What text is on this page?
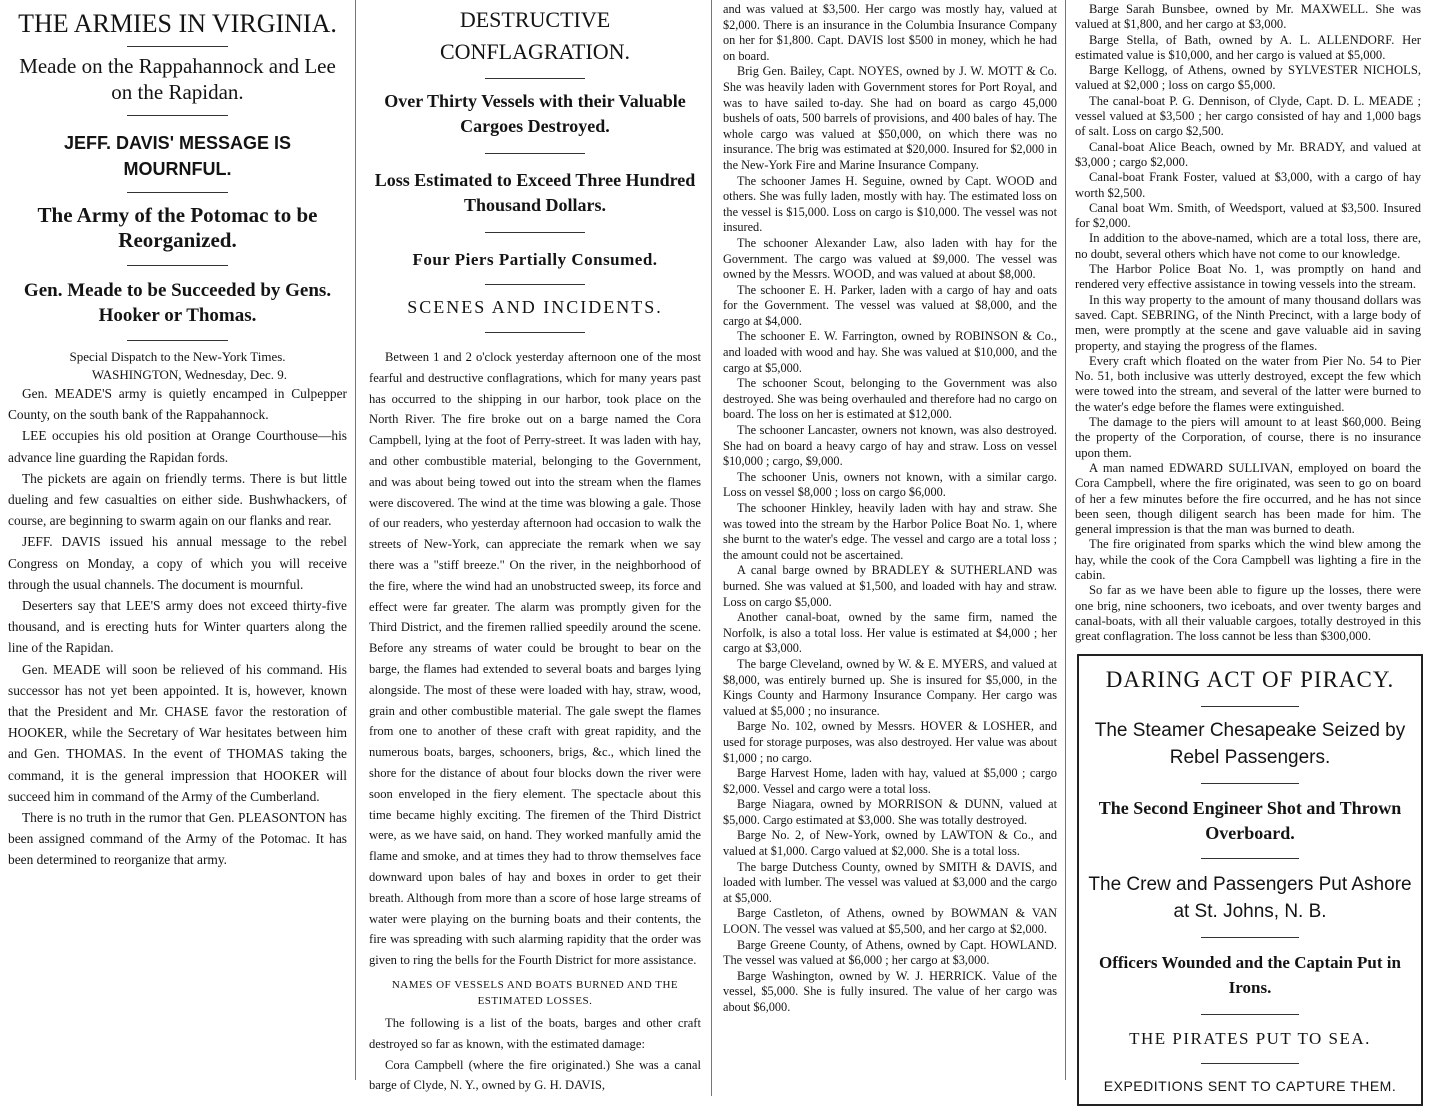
THE ARMIES IN VIRGINIA.
Meade on the Rappahannock and Lee on the Rapidan.
JEFF. DAVIS' MESSAGE IS MOURNFUL.
The Army of the Potomac to be Reorganized.
Gen. Meade to be Succeeded by Gens. Hooker or Thomas.
Special Dispatch to the New-York Times.
WASHINGTON, Wednesday, Dec. 9.

Gen. MEADE'S army is quietly encamped in Culpepper County, on the south bank of the Rappahannock.

LEE occupies his old position at Orange Courthouse—his advance line guarding the Rapidan fords.

The pickets are again on friendly terms. There is but little dueling and few casualties on either side. Bushwhackers, of course, are beginning to swarm again on our flanks and rear.

JEFF. DAVIS issued his annual message to the rebel Congress on Monday, a copy of which you will receive through the usual channels. The document is mournful.

Deserters say that LEE'S army does not exceed thirty-five thousand, and is erecting huts for Winter quarters along the line of the Rapidan.

Gen. MEADE will soon be relieved of his command. His successor has not yet been appointed. It is, however, known that the President and Mr. CHASE favor the restoration of HOOKER, while the Secretary of War hesitates between him and Gen. THOMAS. In the event of THOMAS taking the command, it is the general impression that HOOKER will succeed him in command of the Army of the Cumberland.

There is no truth in the rumor that Gen. PLEASONTON has been assigned command of the Army of the Potomac. It has been determined to reorganize that army.

DESTRUCTIVE CONFLAGRATION.
Over Thirty Vessels with their Valuable Cargoes Destroyed.
Loss Estimated to Exceed Three Hundred Thousand Dollars.
Four Piers Partially Consumed.
SCENES AND INCIDENTS.

Between 1 and 2 o'clock yesterday afternoon one of the most fearful and destructive conflagrations, which for many years past has occurred to the shipping in our harbor, took place on the North River. The fire broke out on a barge named the Cora Campbell, lying at the foot of Perry-street. It was laden with hay, and other combustible material, belonging to the Government, and was about being towed out into the stream when the flames were discovered. The wind at the time was blowing a gale. Those of our readers, who yesterday afternoon had occasion to walk the streets of New-York, can appreciate the remark when we say there was a "stiff breeze." On the river, in the neighborhood of the fire, where the wind had an unobstructed sweep, its force and effect were far greater. The alarm was promptly given for the Third District, and the firemen rallied speedily around the scene. Before any streams of water could be brought to bear on the barge, the flames had extended to several boats and barges lying alongside. The most of these were loaded with hay, straw, wood, grain and other combustible material. The gale swept the flames from one to another of these craft with great rapidity, and the numerous boats, barges, schooners, brigs, &c., which lined the shore for the distance of about four blocks down the river were soon enveloped in the fiery element. The spectacle about this time became highly exciting. The firemen of the Third District were, as we have said, on hand. They worked manfully amid the flame and smoke, and at times they had to throw themselves face downward upon bales of hay and boxes in order to get their breath. Although from more than a score of hose large streams of water were playing on the burning boats and their contents, the fire was spreading with such alarming rapidity that the order was given to ring the bells for the Fourth District for more assistance.

NAMES OF VESSELS AND BOATS BURNED AND THE ESTIMATED LOSSES.

The following is a list of the boats, barges and other craft destroyed so far as known, with the estimated damage:

Cora Campbell (where the fire originated.) She was a canal barge of Clyde, N. Y., owned by G. H. DAVIS,

and was valued at $3,500. Her cargo was mostly hay, valued at $2,000. There is an insurance in the Columbia Insurance Company on her for $1,800. Capt. DAVIS lost $500 in money, which he had on board.

Brig Gen. Bailey, Capt. NOYES, owned by J. W. MOTT & Co. She was heavily laden with Government stores for Port Royal, and was to have sailed to-day. She had on board as cargo 45,000 bushels of oats, 500 barrels of provisions, and 400 bales of hay. The whole cargo was valued at $50,000, on which there was no insurance. The brig was estimated at $20,000. Insured for $2,000 in the New-York Fire and Marine Insurance Company.

The schooner James H. Seguine, owned by Capt. WOOD and others. She was fully laden, mostly with hay. The estimated loss on the vessel is $15,000. Loss on cargo is $10,000. The vessel was not insured.

The schooner Alexander Law, also laden with hay for the Government. The cargo was valued at $9,000. The vessel was owned by the Messrs. WOOD, and was valued at about $8,000.

The schooner E. H. Parker, laden with a cargo of hay and oats for the Government. The vessel was valued at $8,000, and the cargo at $4,000.

The schooner E. W. Farrington, owned by ROBINSON & Co., and loaded with wood and hay. She was valued at $10,000, and the cargo at $5,000.

The schooner Scout, belonging to the Government was also destroyed. She was being overhauled and therefore had no cargo on board. The loss on her is estimated at $12,000.

The schooner Lancaster, owners not known, was also destroyed. She had on board a heavy cargo of hay and straw. Loss on vessel $10,000 ; cargo, $9,000.

The schooner Unis, owners not known, with a similar cargo. Loss on vessel $8,000 ; loss on cargo $6,000.

The schooner Hinkley, heavily laden with hay and straw. She was towed into the stream by the Harbor Police Boat No. 1, where she burnt to the water's edge. The vessel and cargo are a total loss ; the amount could not be ascertained.

A canal barge owned by BRADLEY & SUTHERLAND was burned. She was valued at $1,500, and loaded with hay and straw. Loss on cargo $5,000.

Another canal-boat, owned by the same firm, named the Norfolk, is also a total loss. Her value is estimated at $4,000 ; her cargo at $3,000.

The barge Cleveland, owned by W. & E. MYERS, and valued at $8,000, was entirely burned up. She is insured for $5,000, in the Kings County and Harmony Insurance Company. Her cargo was valued at $5,000 ; no insurance.

Barge No. 102, owned by Messrs. HOVER & LOSHER, and used for storage purposes, was also destroyed. Her value was about $1,000 ; no cargo.

Barge Harvest Home, laden with hay, valued at $5,000 ; cargo $2,000. Vessel and cargo were a total loss.

Barge Niagara, owned by MORRISON & DUNN, valued at $5,000. Cargo estimated at $3,000. She was totally destroyed.

Barge No. 2, of New-York, owned by LAWTON & Co., and valued at $1,000. Cargo valued at $2,000. She is a total loss.

The barge Dutchess County, owned by SMITH & DAVIS, and loaded with lumber. The vessel was valued at $3,000 and the cargo at $5,000.

Barge Castleton, of Athens, owned by BOWMAN & VAN LOON. The vessel was valued at $5,500, and her cargo at $2,000.

Barge Greene County, of Athens, owned by Capt. HOWLAND. The vessel was valued at $6,000 ; her cargo at $3,000.

Barge Washington, owned by W. J. HERRICK. Value of the vessel, $5,000. She is fully insured. The value of her cargo was about $6,000.

Barge Sarah Bunsbee, owned by Mr. MAXWELL. She was valued at $1,800, and her cargo at $3,000.

Barge Stella, of Bath, owned by A. L. ALLENDORF. Her estimated value is $10,000, and her cargo is valued at $5,000.

Barge Kellogg, of Athens, owned by SYLVESTER NICHOLS, valued at $2,000 ; loss on cargo $5,000.

The canal-boat P. G. Dennison, of Clyde, Capt. D. L. MEADE ; vessel valued at $3,500 ; her cargo consisted of hay and 1,000 bags of salt. Loss on cargo $2,500.

Canal-boat Alice Beach, owned by Mr. BRADY, and valued at $3,000 ; cargo $2,000.

Canal-boat Frank Foster, valued at $3,000, with a cargo of hay worth $2,500.

Canal boat Wm. Smith, of Weedsport, valued at $3,500. Insured for $2,000.

In addition to the above-named, which are a total loss, there are, no doubt, several others which have not come to our knowledge.

The Harbor Police Boat No. 1, was promptly on hand and rendered very effective assistance in towing vessels into the stream.

In this way property to the amount of many thousand dollars was saved. Capt. SEBRING, of the Ninth Precinct, with a large body of men, were promptly at the scene and gave valuable aid in saving property, and staying the progress of the flames.

Every craft which floated on the water from Pier No. 54 to Pier No. 51, both inclusive was utterly destroyed, except the few which were towed into the stream, and several of the latter were burned to the water's edge before the flames were extinguished.

The damage to the piers will amount to at least $60,000. Being the property of the Corporation, of course, there is no insurance upon them.

A man named EDWARD SULLIVAN, employed on board the Cora Campbell, where the fire originated, was seen to go on board of her a few minutes before the fire occurred, and he has not since been seen, though diligent search has been made for him. The general impression is that the man was burned to death.

The fire originated from sparks which the wind blew among the hay, while the cook of the Cora Campbell was lighting a fire in the cabin.

So far as we have been able to figure up the losses, there were one brig, nine schooners, two iceboats, and over twenty barges and canal-boats, with all their valuable cargoes, totally destroyed in this great conflagration. The loss cannot be less than $300,000.

DARING ACT OF PIRACY.
The Steamer Chesapeake Seized by Rebel Passengers.
The Second Engineer Shot and Thrown Overboard.
The Crew and Passengers Put Ashore at St. Johns, N. B.
Officers Wounded and the Captain Put in Irons.
THE PIRATES PUT TO SEA.
EXPEDITIONS SENT TO CAPTURE THEM.
